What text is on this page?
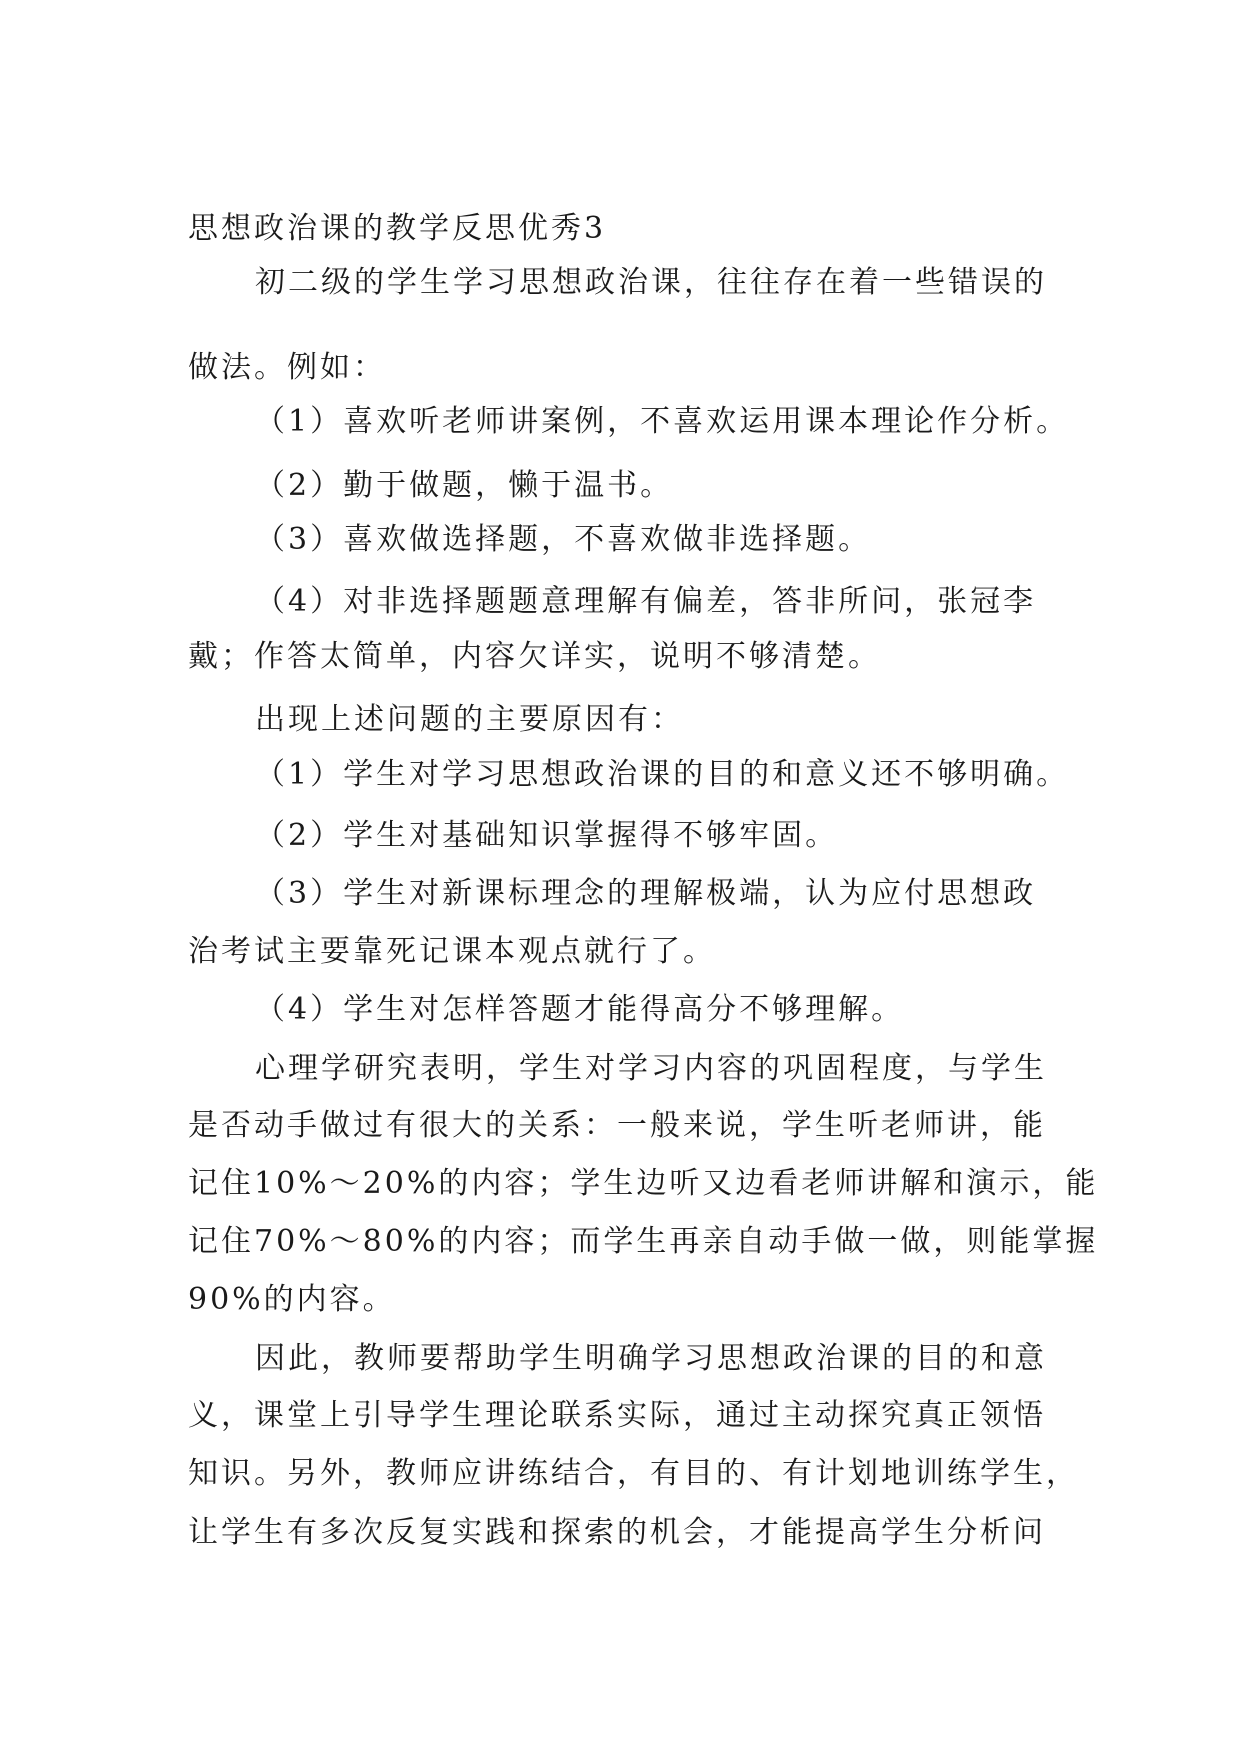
思想政治课的教学反思优秀3
初二级的学生学习思想政治课，往往存在着一些错误的
做法。例如：
（1）喜欢听老师讲案例，不喜欢运用课本理论作分析。
（2）勤于做题，懒于温书。
（3）喜欢做选择题，不喜欢做非选择题。
（4）对非选择题题意理解有偏差，答非所问，张冠李
戴；作答太简单，内容欠详实，说明不够清楚。
出现上述问题的主要原因有：
（1）学生对学习思想政治课的目的和意义还不够明确。
（2）学生对基础知识掌握得不够牢固。
（3）学生对新课标理念的理解极端，认为应付思想政
治考试主要靠死记课本观点就行了。
（4）学生对怎样答题才能得高分不够理解。
心理学研究表明，学生对学习内容的巩固程度，与学生
是否动手做过有很大的关系：一般来说，学生听老师讲，能
记住10%～20%的内容；学生边听又边看老师讲解和演示，能
记住70%～80%的内容；而学生再亲自动手做一做，则能掌握
90%的内容。
因此，教师要帮助学生明确学习思想政治课的目的和意
义，课堂上引导学生理论联系实际，通过主动探究真正领悟
知识。另外，教师应讲练结合，有目的、有计划地训练学生，
让学生有多次反复实践和探索的机会，才能提高学生分析问
